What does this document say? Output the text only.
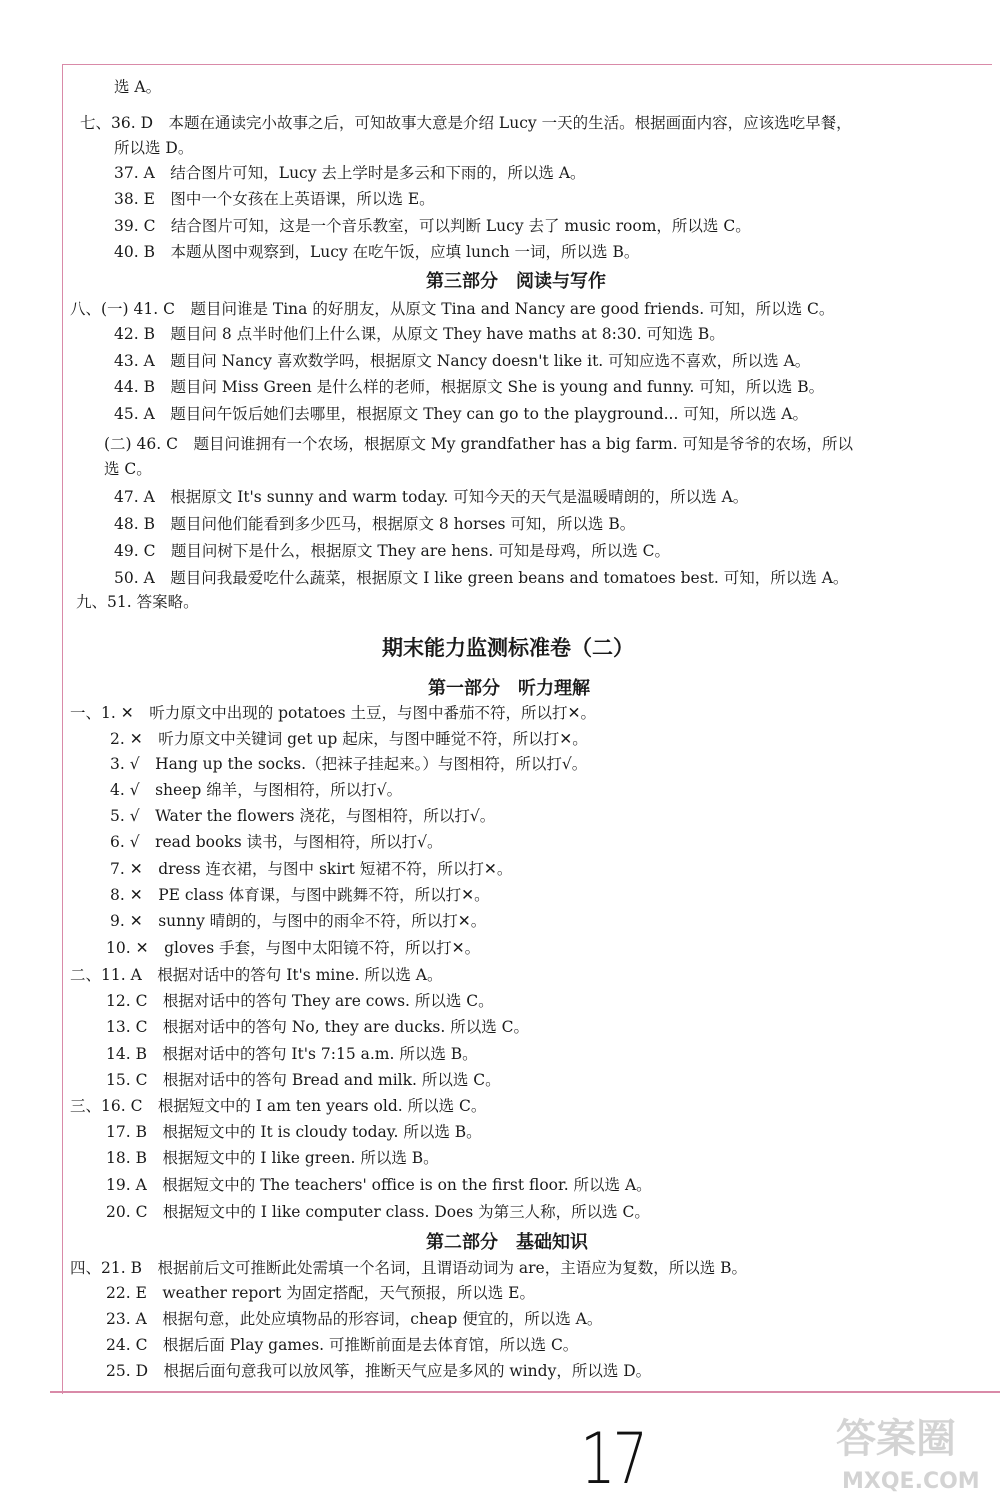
选 A。
七、36. D　本题在通读完小故事之后，可知故事大意是介绍 Lucy 一天的生活。根据画面内容，应该选吃早餐，
所以选 D。
37. A　结合图片可知，Lucy 去上学时是多云和下雨的，所以选 A。
38. E　图中一个女孩在上英语课，所以选 E。
39. C　结合图片可知，这是一个音乐教室，可以判断 Lucy 去了 music room，所以选 C。
40. B　本题从图中观察到，Lucy 在吃午饭，应填 lunch 一词，所以选 B。
第三部分　阅读与写作
八、(一) 41. C　题目问谁是 Tina 的好朋友，从原文 Tina and Nancy are good friends. 可知，所以选 C。
42. B　题目问 8 点半时他们上什么课，从原文 They have maths at 8:30. 可知选 B。
43. A　题目问 Nancy 喜欢数学吗，根据原文 Nancy doesn't like it. 可知应选不喜欢，所以选 A。
44. B　题目问 Miss Green 是什么样的老师，根据原文 She is young and funny. 可知，所以选 B。
45. A　题目问午饭后她们去哪里，根据原文 They can go to the playground... 可知，所以选 A。
(二) 46. C　题目问谁拥有一个农场，根据原文 My grandfather has a big farm. 可知是爷爷的农场，所以
选 C。
47. A　根据原文 It's sunny and warm today. 可知今天的天气是温暖晴朗的，所以选 A。
48. B　题目问他们能看到多少匹马，根据原文 8 horses 可知，所以选 B。
49. C　题目问树下是什么，根据原文 They are hens. 可知是母鸡，所以选 C。
50. A　题目问我最爱吃什么蔬菜，根据原文 I like green beans and tomatoes best. 可知，所以选 A。
九、51. 答案略。
期末能力监测标准卷（二）
第一部分　听力理解
一、1. ✕　听力原文中出现的 potatoes 土豆，与图中番茄不符，所以打✕。
2. ✕　听力原文中关键词 get up 起床，与图中睡觉不符，所以打✕。
3. √　Hang up the socks.（把袜子挂起来。）与图相符，所以打√。
4. √　sheep 绵羊，与图相符，所以打√。
5. √　Water the flowers 浇花，与图相符，所以打√。
6. √　read books 读书，与图相符，所以打√。
7. ✕　dress 连衣裙，与图中 skirt 短裙不符，所以打✕。
8. ✕　PE class 体育课，与图中跳舞不符，所以打✕。
9. ✕　sunny 晴朗的，与图中的雨伞不符，所以打✕。
10. ✕　gloves 手套，与图中太阳镜不符，所以打✕。
二、11. A　根据对话中的答句 It's mine. 所以选 A。
12. C　根据对话中的答句 They are cows. 所以选 C。
13. C　根据对话中的答句 No, they are ducks. 所以选 C。
14. B　根据对话中的答句 It's 7:15 a.m. 所以选 B。
15. C　根据对话中的答句 Bread and milk. 所以选 C。
三、16. C　根据短文中的 I am ten years old. 所以选 C。
17. B　根据短文中的 It is cloudy today. 所以选 B。
18. B　根据短文中的 I like green. 所以选 B。
19. A　根据短文中的 The teachers' office is on the first floor. 所以选 A。
20. C　根据短文中的 I like computer class. Does 为第三人称，所以选 C。
第二部分　基础知识
四、21. B　根据前后文可推断此处需填一个名词，且谓语动词为 are，主语应为复数，所以选 B。
22. E　weather report 为固定搭配，天气预报，所以选 E。
23. A　根据句意，此处应填物品的形容词，cheap 便宜的，所以选 A。
24. C　根据后面 Play games. 可推断前面是去体育馆，所以选 C。
25. D　根据后面句意我可以放风筝，推断天气应是多风的 windy，所以选 D。
17	答案圈
MXQE.COM
